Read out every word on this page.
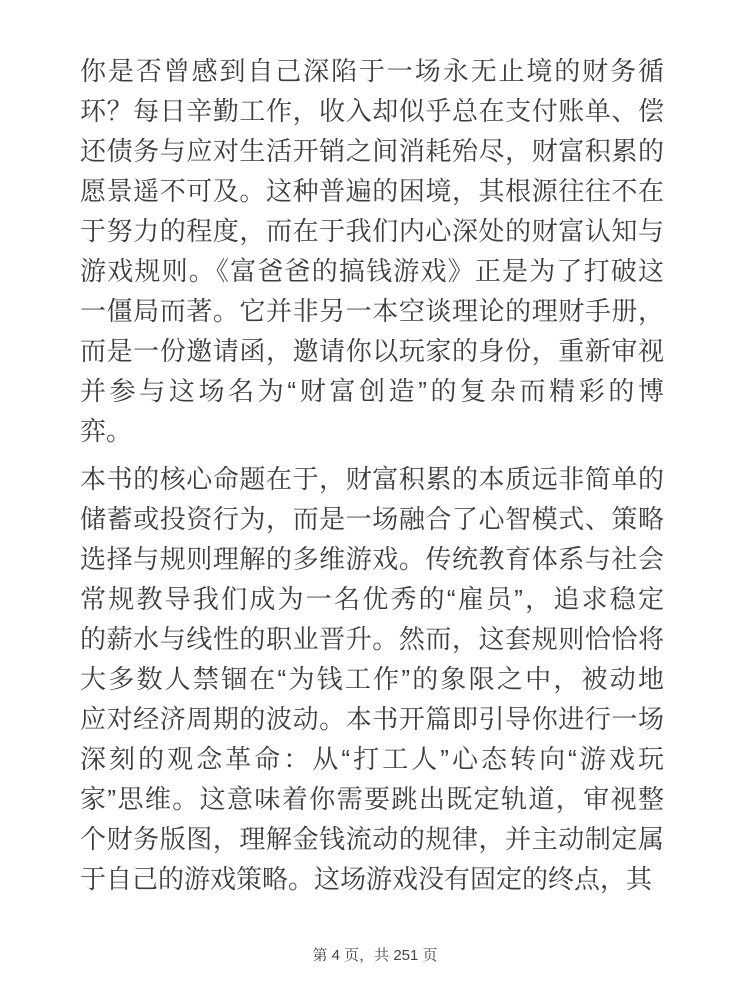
你是否曾感到自己深陷于一场永无止境的财务循
环？每日辛勤工作，收入却似乎总在支付账单、偿
还债务与应对生活开销之间消耗殆尽，财富积累的
愿景遥不可及。这种普遍的困境，其根源往往不在
于努力的程度，而在于我们内心深处的财富认知与
游戏规则。《富爸爸的搞钱游戏》正是为了打破这
一僵局而著。它并非另一本空谈理论的理财手册，
而是一份邀请函，邀请你以玩家的身份，重新审视
并参与这场名为“财富创造”的复杂而精彩的博
弈。
本书的核心命题在于，财富积累的本质远非简单的
储蓄或投资行为，而是一场融合了心智模式、策略
选择与规则理解的多维游戏。传统教育体系与社会
常规教导我们成为一名优秀的“雇员”，追求稳定
的薪水与线性的职业晋升。然而，这套规则恰恰将
大多数人禁锢在“为钱工作”的象限之中，被动地
应对经济周期的波动。本书开篇即引导你进行一场
深刻的观念革命：从“打工人”心态转向“游戏玩
家”思维。这意味着你需要跳出既定轨道，审视整
个财务版图，理解金钱流动的规律，并主动制定属
于自己的游戏策略。这场游戏没有固定的终点，其
第 4 页，共 251 页
